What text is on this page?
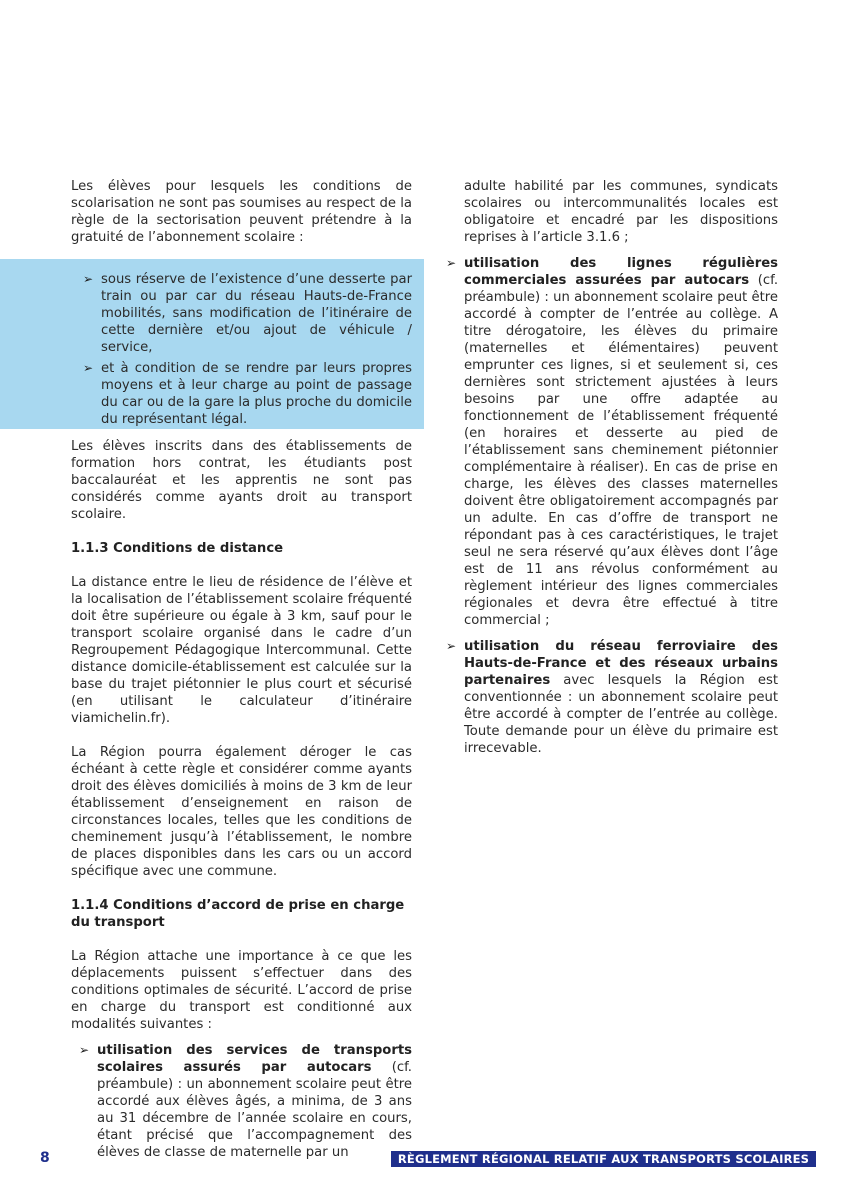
Les élèves pour lesquels les conditions de scolarisation ne sont pas soumises au respect de la règle de la sectorisation peuvent prétendre à la gratuité de l’abonnement scolaire :

➢ sous réserve de l’existence d’une desserte par train ou par car du réseau Hauts-de-France mobilités, sans modification de l’itinéraire de cette dernière et/ou ajout de véhicule / service,
➢ et à condition de se rendre par leurs propres moyens et à leur charge au point de passage du car ou de la gare la plus proche du domicile du représentant légal.

Les élèves inscrits dans des établissements de formation hors contrat, les étudiants post baccalauréat et les apprentis ne sont pas considérés comme ayants droit au transport scolaire.

1.1.3 Conditions de distance

La distance entre le lieu de résidence de l’élève et la localisation de l’établissement scolaire fréquenté doit être supérieure ou égale à 3 km, sauf pour le transport scolaire organisé dans le cadre d’un Regroupement Pédagogique Intercommunal. Cette distance domicile-établissement est calculée sur la base du trajet piétonnier le plus court et sécurisé (en utilisant le calculateur d’itinéraire viamichelin.fr).

La Région pourra également déroger le cas échéant à cette règle et considérer comme ayants droit des élèves domiciliés à moins de 3 km de leur établissement d’enseignement en raison de circonstances locales, telles que les conditions de cheminement jusqu’à l’établissement, le nombre de places disponibles dans les cars ou un accord spécifique avec une commune.

1.1.4 Conditions d’accord de prise en charge du transport

La Région attache une importance à ce que les déplacements puissent s’effectuer dans des conditions optimales de sécurité. L’accord de prise en charge du transport est conditionné aux modalités suivantes :

➢ utilisation des services de transports scolaires assurés par autocars (cf. préambule) : un abonnement scolaire peut être accordé aux élèves âgés, a minima, de 3 ans au 31 décembre de l’année scolaire en cours, étant précisé que l’accompagnement des élèves de classe de maternelle par un

adulte habilité par les communes, syndicats scolaires ou intercommunalités locales est obligatoire et encadré par les dispositions reprises à l’article 3.1.6 ;

➢ utilisation des lignes régulières commerciales assurées par autocars (cf. préambule) : un abonnement scolaire peut être accordé à compter de l’entrée au collège. A titre dérogatoire, les élèves du primaire (maternelles et élémentaires) peuvent emprunter ces lignes, si et seulement si, ces dernières sont strictement ajustées à leurs besoins par une offre adaptée au fonctionnement de l’établissement fréquenté (en horaires et desserte au pied de l’établissement sans cheminement piétonnier complémentaire à réaliser). En cas de prise en charge, les élèves des classes maternelles doivent être obligatoirement accompagnés par un adulte. En cas d’offre de transport ne répondant pas à ces caractéristiques, le trajet seul ne sera réservé qu’aux élèves dont l’âge est de 11 ans révolus conformément au règlement intérieur des lignes commerciales régionales et devra être effectué à titre commercial ;
➢ utilisation du réseau ferroviaire des Hauts-de-France et des réseaux urbains partenaires avec lesquels la Région est conventionnée : un abonnement scolaire peut être accordé à compter de l’entrée au collège. Toute demande pour un élève du primaire est irrecevable.
8	RÈGLEMENT RÉGIONAL RELATIF AUX TRANSPORTS SCOLAIRES
